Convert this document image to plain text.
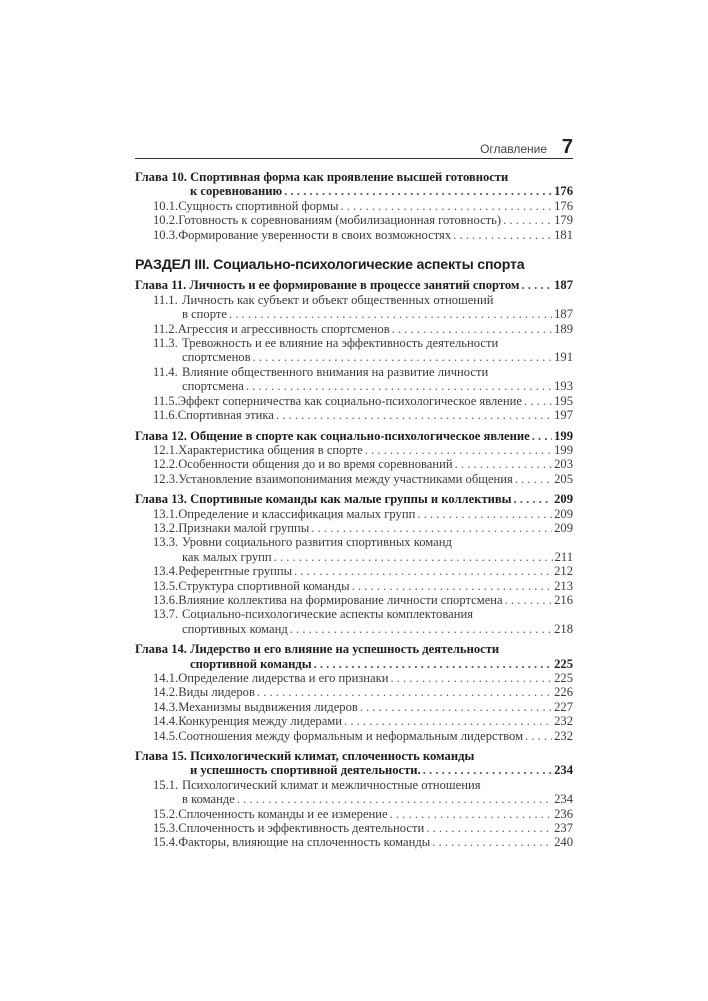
Оглавление 7
Глава 10. Спортивная форма как проявление высшей готовности
к соревнованию . . .	176
10.1. Сущность спортивной формы . . .	176
10.2. Готовность к соревнованиям (мобилизационная готовность) . . .	179
10.3. Формирование уверенности в своих возможностях . . .	181
РАЗДЕЛ III. Социально-психологические аспекты спорта
Глава 11. Личность и ее формирование в процессе занятий спортом . . .	187
11.1. Личность как субъект и объект общественных отношений
в спорте . . .	187
11.2. Агрессия и агрессивность спортсменов . . .	189
11.3. Тревожность и ее влияние на эффективность деятельности
спортсменов . . .	191
11.4. Влияние общественного внимания на развитие личности
спортсмена . . .	193
11.5. Эффект соперничества как социально-психологическое явление . . .	195
11.6. Спортивная этика . . .	197
Глава 12. Общение в спорте как социально-психологическое явление . . . 199
12.1. Характеристика общения в спорте . . .	199
12.2. Особенности общения до и во время соревнований . . .	203
12.3. Установление взаимопонимания между участниками общения . . .	205
Глава 13. Спортивные команды как малые группы и коллективы . . .	209
13.1. Определение и классификация малых групп . . .	209
13.2. Признаки малой группы . . .	209
13.3. Уровни социального развития спортивных команд
как малых групп . . .	211
13.4. Референтные группы . . .	212
13.5. Структура спортивной команды . . .	213
13.6. Влияние коллектива на формирование личности спортсмена . . .	216
13.7. Социально-психологические аспекты комплектования
спортивных команд . . .	218
Глава 14. Лидерство и его влияние на успешность деятельности
спортивной команды . . .	225
14.1. Определение лидерства и его признаки . . .	225
14.2. Виды лидеров . . .	226
14.3. Механизмы выдвижения лидеров . . .	227
14.4. Конкуренция между лидерами . . .	232
14.5. Соотношения между формальным и неформальным лидерством . . . 232
Глава 15. Психологический климат, сплоченность команды
и успешность спортивной деятельности. . . .	234
15.1. Психологический климат и межличностные отношения
в команде . . .	234
15.2. Сплоченность команды и ее измерение . . .	236
15.3. Сплоченность и эффективность деятельности . . .	237
15.4. Факторы, влияющие на сплоченность команды . . .	240
